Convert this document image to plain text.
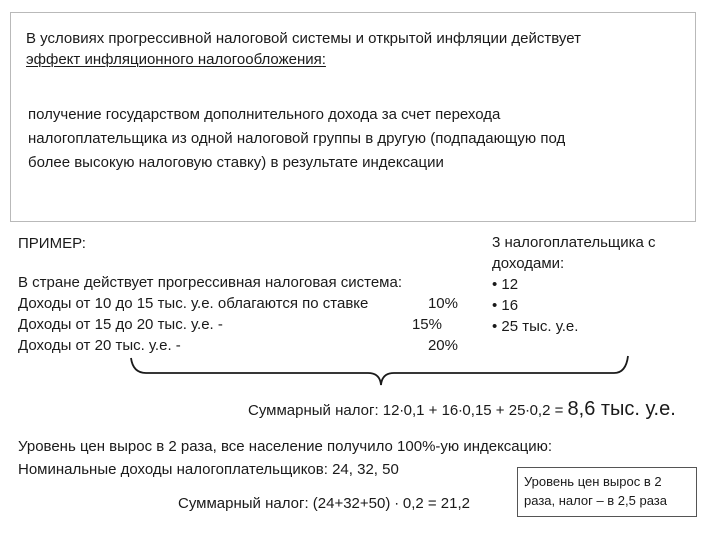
В условиях прогрессивной налоговой системы и открытой инфляции действует
эффект инфляционного налогообложения:
получение государством дополнительного дохода за счет перехода
налогоплательщика из одной налоговой группы в другую (подпадающую под
более высокую налоговую ставку) в результате индексации
ПРИМЕР:
В стране действует прогрессивная налоговая система:
Доходы от 10 до 15 тыс. у.е. облагаются по ставке	10%
Доходы от 15 до 20 тыс. у.е. -	15%
Доходы от 20 тыс. у.е. -	20%
3 налогоплательщика с
доходами:
• 12
• 16
• 25 тыс. у.е.
Суммарный налог: 12∙0,1 + 16∙0,15 + 25∙0,2 = 8,6 тыс. у.е.
Уровень цен вырос в 2 раза, все население получило 100%-ую индексацию:
Номинальные доходы налогоплательщиков: 24, 32, 50
Суммарный налог: (24+32+50) ∙ 0,2 = 21,2
Уровень цен вырос в 2
раза, налог – в 2,5 раза
